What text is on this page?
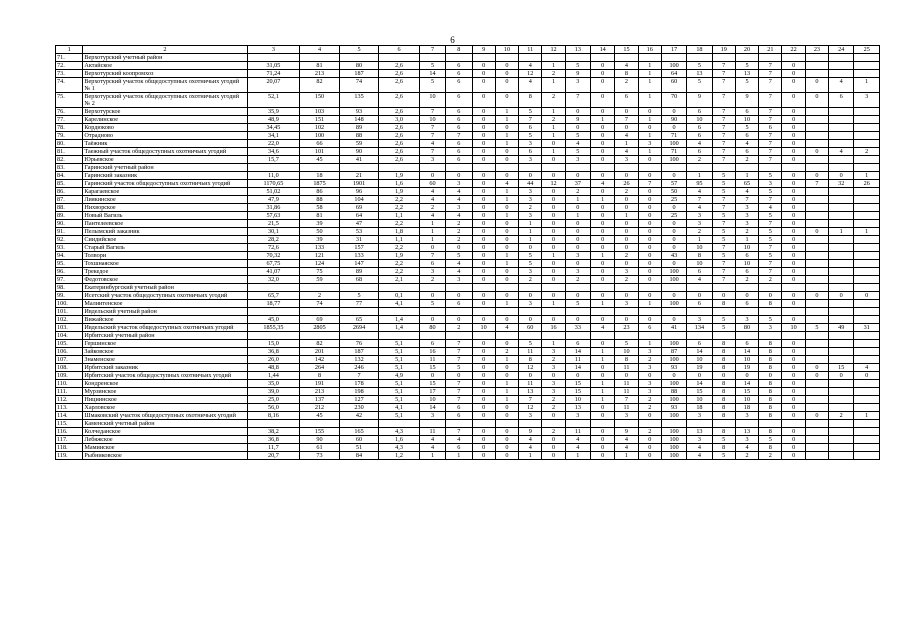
6
1	2	3	4	5	6	7	8	9	10	11	12	13	14	15	16	17	18	19	20	21	22	23	24	25
71.	Верхотурский учетный район																							
72.	Актайское	31,05	81	80	2,6	5	6	0	0	4	1	5	0	4	1	100	5	7	5	7	0			
73.	Верхотурский коопромхоз	71,24	213	187	2,6	14	6	0	0	12	2	9	0	8	1	64	13	7	13	7	0			
74.	Верхотурский участок общедоступных охотничьих угодий № 1	20,07	82	74	2,6	5	6	0	0	4	1	3	0	2	1	60	5	7	5	7	0	0	4	1
75.	Верхотурский участок общедоступных охотничьих угодий № 2	52,1	150	135	2,6	10	6	0	0	8	2	7	0	6	1	70	9	7	9	7	0	0	6	3
76.	Верхотурское	35,9	103	93	2,6	7	6	0	1	5	1	0	0	0	0	0	6	7	6	7	0			
77.	Карелинское	48,9	151	148	3,0	10	6	0	1	7	2	9	1	7	1	90	10	7	10	7	0			
78.	Кордюково	34,45	102	89	2,6	7	6	0	0	6	1	0	0	0	0	0	6	7	5	6	0			
79.	Отрадново	34,1	100	88	2,6	7	7	0	1	5	1	5	0	4	1	71	6	7	6	7	0			
80.	Таёжник	22,0	66	59	2,6	4	6	0	1	3	0	4	0	1	3	100	4	7	4	7	0			
81.	Таежный участок общедоступных охотничьих угодий	34,6	101	90	2,6	7	6	0	0	6	1	5	0	4	1	71	6	7	6	7	0	0	4	2
82.	Юрьевское	15,7	45	41	2,6	3	6	0	0	3	0	3	0	3	0	100	2	7	2	7	0			
83.	Гаринский учетный район																							
84.	Гаринский заказник	11,0	18	21	1,9	0	0	0	0	0	0	0	0	0	0	0	1	5	1	5	0	0	0	1
85.	Гаринский участок общедоступных охотничьих угодий	1170,65	1875	1901	1,6	60	3	0	4	44	12	37	4	26	7	57	95	5	65	3	0	7	32	26
86.	Карагаевское	51,02	86	96	1,9	4	4	0	1	3	0	2	0	2	0	50	4	5	4	5	0			
87.	Лиякинское	47,9	88	104	2,2	4	4	0	1	3	0	1	1	0	0	25	7	7	7	7	0			
88.	Нихворское	31,86	58	69	2,2	2	3	0	0	2	0	0	0	0	0	0	4	7	3	4	0			
89.	Новый Вагиль	57,63	81	64	1,1	4	4	0	1	3	0	1	0	1	0	25	3	5	3	5	0			
90.	Пантелеевское	21,5	39	47	2,2	1	2	0	0	1	0	0	0	0	0	0	3	7	3	7	0			
91.	Пелымский заказник	30,1	50	53	1,8	1	2	0	0	1	0	0	0	0	0	0	2	5	2	5	0	0	1	1
92.	Сиидийское	28,2	39	31	1,1	1	2	0	0	1	0	0	0	0	0	0	1	5	1	5	0			
93.	Старый Вагиль	72,6	133	157	2,2	0	0	0	0	0	0	0	0	0	0	0	10	7	10	7	0			
94.	Толвори	70,32	121	133	1,9	7	5	0	1	5	1	3	1	2	0	43	8	5	6	5	0			
95.	Тохшнаяское	67,75	124	147	2,2	6	4	0	1	5	0	0	0	0	0	0	10	7	10	7	0			
96.	Трекедое	41,07	75	89	2,2	3	4	0	0	3	0	3	0	3	0	100	6	7	6	7	0			
97.	Федотовское	32,0	59	68	2,1	2	3	0	0	2	0	2	0	2	0	100	4	7	2	2	0			
98.	Екатеринбургский учетный район																							
99.	Исетский участок общедоступных охотничьих угодий	65,7	2	5	0,1	0	0	0	0	0	0	0	0	0	0	0	0	0	0	0	0	0	0	0
100.	Малиитенское	18,77	74	77	4,1	5	6	0	1	3	1	5	1	3	1	100	6	8	6	8	0			
101.	Ивдельский учетный район																							
102.	Вижайское	45,0	69	65	1,4	0	0	0	0	0	0	0	0	0	0	0	3	5	3	5	0			
103.	Ивдельский участок общедоступных охотничьих угодий	1855,35	2805	2694	1,4	80	2	10	4	60	16	33	4	23	6	41	134	5	80	3	10	5	49	31
104.	Ирбитский учетный район																							
105.	Гершинское	15,0	82	76	5,1	6	7	0	0	5	1	6	0	5	1	100	6	8	6	8	0			
106.	Зайковское	36,8	201	187	5,1	16	7	0	2	11	3	14	1	10	3	87	14	8	14	8	0			
107.	Знаменское	26,0	142	132	5,1	11	7	0	1	8	2	11	1	8	2	100	10	8	10	8	0			
108.	Ирбитский заказник	48,8	264	246	5,1	15	5	0	0	12	3	14	0	11	3	93	19	8	19	8	0	0	15	4
109.	Ирбитский участок общедоступных охотничьих угодий	1,44	8	7	4,9	0	0	0	0	0	0	0	0	0	0	0	0	0	0	0	0	0	0	0
110.	Кондренское	35,0	191	178	5,1	15	7	0	1	11	3	15	1	11	3	100	14	8	14	8	0			
111.	Мурзинское	39,0	213	198	5,1	17	7	0	1	13	3	15	1	11	3	88	15	8	15	8	0			
112.	Нициинское	25,0	137	127	5,1	10	7	0	1	7	2	10	1	7	2	100	10	8	10	8	0			
113.	Харловское	56,0	212	230	4,1	14	6	0	0	12	2	13	0	11	2	93	18	8	18	8	0			
114.	Шмаковский участок общедоступных охотничьих угодий	8,16	45	42	5,1	3	6	0	0	3	0	3	0	3	0	100	3	8	3	8	0	0	2	1
115.	Каменский учетный район																							
116.	Колчеданское	38,2	155	165	4,3	11	7	0	0	9	2	11	0	9	2	100	13	8	13	8	0			
117.	Лебяжское	36,8	90	60	1,6	4	4	0	0	4	0	4	0	4	0	100	3	5	3	5	0			
118.	Мамииское	11,7	61	51	4,3	4	6	0	0	4	0	4	0	4	0	100	4	8	4	8	0			
119.	Рыбниковское	20,7	73	84	1,2	1	1	0	0	1	0	1	0	1	0	100	4	5	2	2	0			
